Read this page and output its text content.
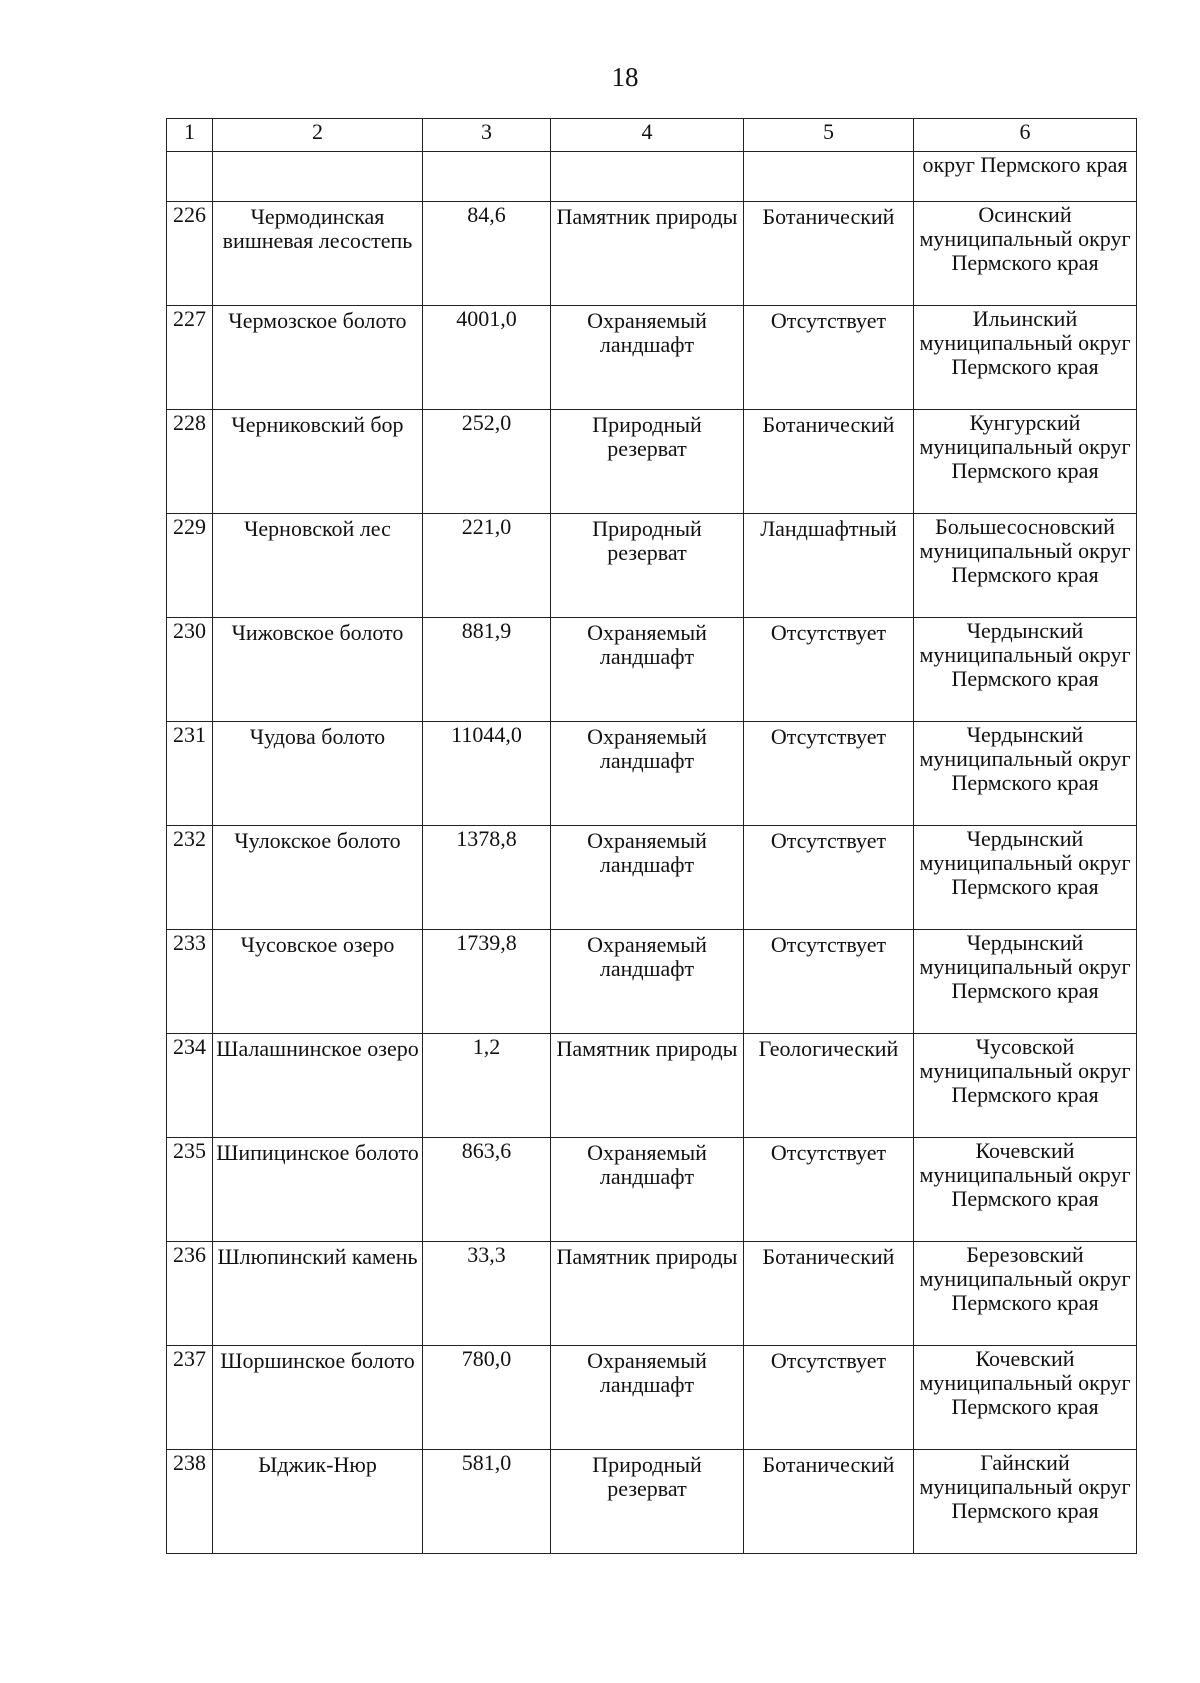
18
1	2	3	4	5	6
					округ Пермского края
226	Чермодинская вишневая лесостепь	84,6	Памятник природы	Ботанический	Осинский муниципальный округ Пермского края
227	Чермозское болото	4001,0	Охраняемый ландшафт	Отсутствует	Ильинский муниципальный округ Пермского края
228	Черниковский бор	252,0	Природный резерват	Ботанический	Кунгурский муниципальный округ Пермского края
229	Черновской лес	221,0	Природный резерват	Ландшафтный	Большесосновский муниципальный округ Пермского края
230	Чижовское болото	881,9	Охраняемый ландшафт	Отсутствует	Чердынский муниципальный округ Пермского края
231	Чудова болото	11044,0	Охраняемый ландшафт	Отсутствует	Чердынский муниципальный округ Пермского края
232	Чулокское болото	1378,8	Охраняемый ландшафт	Отсутствует	Чердынский муниципальный округ Пермского края
233	Чусовское озеро	1739,8	Охраняемый ландшафт	Отсутствует	Чердынский муниципальный округ Пермского края
234	Шалашнинское озеро	1,2	Памятник природы	Геологический	Чусовской муниципальный округ Пермского края
235	Шипицинское болото	863,6	Охраняемый ландшафт	Отсутствует	Кочевский муниципальный округ Пермского края
236	Шлюпинский камень	33,3	Памятник природы	Ботанический	Березовский муниципальный округ Пермского края
237	Шоршинское болото	780,0	Охраняемый ландшафт	Отсутствует	Кочевский муниципальный округ Пермского края
238	Ыджик-Нюр	581,0	Природный резерват	Ботанический	Гайнский муниципальный округ Пермского края
